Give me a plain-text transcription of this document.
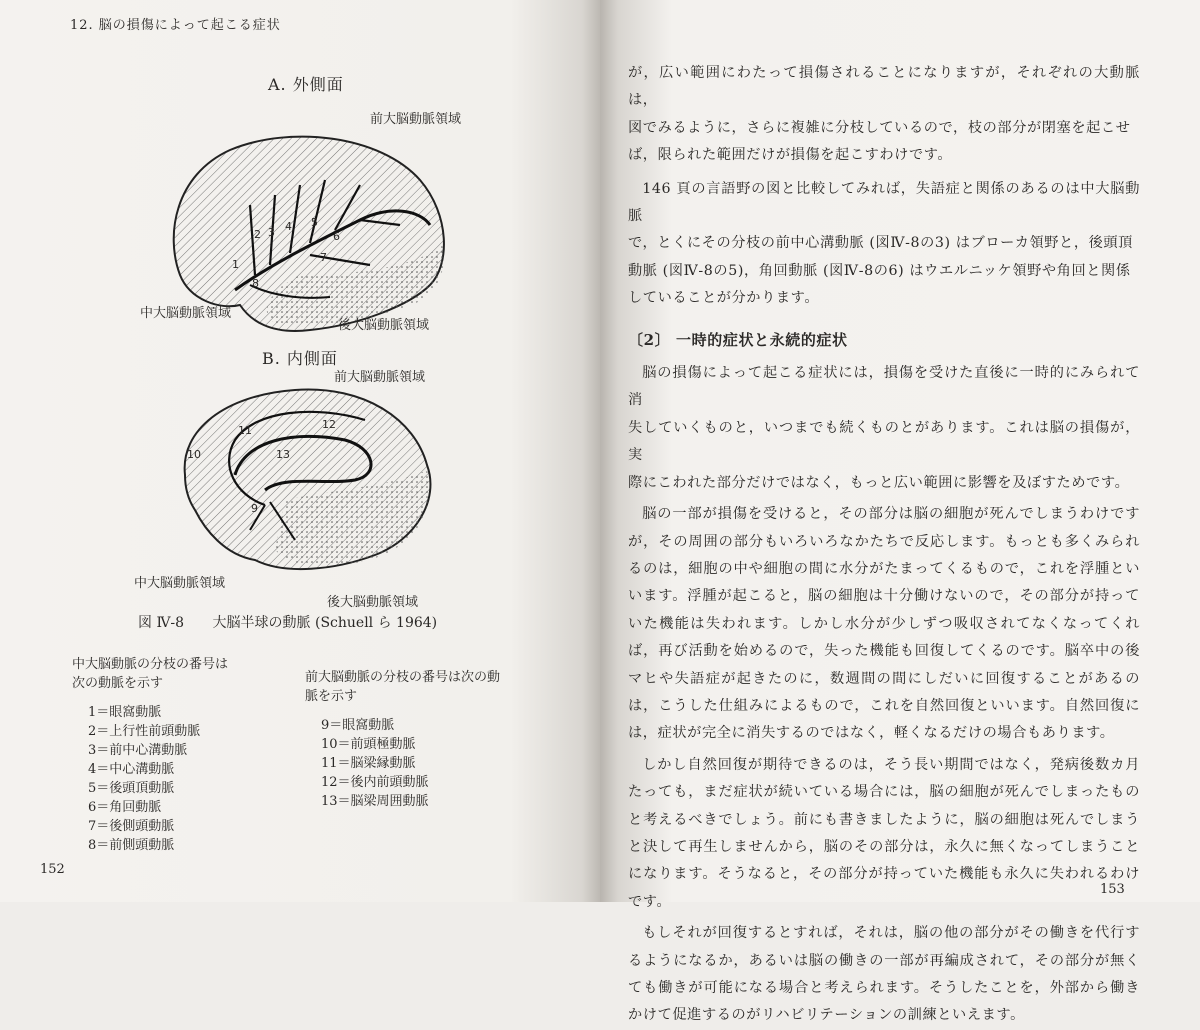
12. 脳の損傷によって起こる症状
A. 外側面
1
2 3 4 5
6
7
8
前大脳動脈領域
中大脳動脈領域
後大脳動脈領域
B. 内側面
前大脳動脈領域
9
10
11	12
13
中大脳動脈領域
後大脳動脈領域
図 Ⅳ-8 大脳半球の動脈 (Schuell ら 1964)
中大脳動脈の分枝の番号は
次の動脈を示す
1＝眼窩動脈
2＝上行性前頭動脈
3＝前中心溝動脈
4＝中心溝動脈
5＝後頭頂動脈
6＝角回動脈
7＝後側頭動脈
8＝前側頭動脈
前大脳動脈の分枝の番号は次の動
脈を示す
9＝眼窩動脈
10＝前頭極動脈
11＝脳梁縁動脈
12＝後内前頭動脈
13＝脳梁周囲動脈
152

が，広い範囲にわたって損傷されることになりますが，それぞれの大動脈は，

図でみるように，さらに複雑に分枝しているので，枝の部分が閉塞を起こせ

ば，限られた範囲だけが損傷を起こすわけです。

146 頁の言語野の図と比較してみれば，失語症と関係のあるのは中大脳動脈

で，とくにその分枝の前中心溝動脈 (図Ⅳ-8の3) はブローカ領野と，後頭頂

動脈 (図Ⅳ-8の5)，角回動脈 (図Ⅳ-8の6) はウエルニッケ領野や角回と関係

していることが分かります。

〔2〕 一時的症状と永続的症状

脳の損傷によって起こる症状には，損傷を受けた直後に一時的にみられて消

失していくものと，いつまでも続くものとがあります。これは脳の損傷が，実

際にこわれた部分だけではなく，もっと広い範囲に影響を及ぼすためです。

脳の一部が損傷を受けると，その部分は脳の細胞が死んでしまうわけですが，その周囲の部分もいろいろなかたちで反応します。もっとも多くみられるのは，細胞の中や細胞の間に水分がたまってくるもので，これを浮腫といいます。浮腫が起こると，脳の細胞は十分働けないので，その部分が持っていた機能は失われます。しかし水分が少しずつ吸収されてなくなってくれば，再び活動を始めるので，失った機能も回復してくるのです。脳卒中の後マヒや失語症が起きたのに，数週間の間にしだいに回復することがあるのは，こうした仕組みによるもので，これを自然回復といいます。自然回復には，症状が完全に消失するのではなく，軽くなるだけの場合もあります。

しかし自然回復が期待できるのは，そう長い期間ではなく，発病後数カ月たっても，まだ症状が続いている場合には，脳の細胞が死んでしまったものと考えるべきでしょう。前にも書きましたように，脳の細胞は死んでしまうと決して再生しませんから，脳のその部分は，永久に無くなってしまうことになります。そうなると，その部分が持っていた機能も永久に失われるわけです。

もしそれが回復するとすれば，それは，脳の他の部分がその働きを代行するようになるか，あるいは脳の働きの一部が再編成されて，その部分が無くても働きが可能になる場合と考えられます。そうしたことを，外部から働きかけて促進するのがリハビリテーションの訓練といえます。

153
